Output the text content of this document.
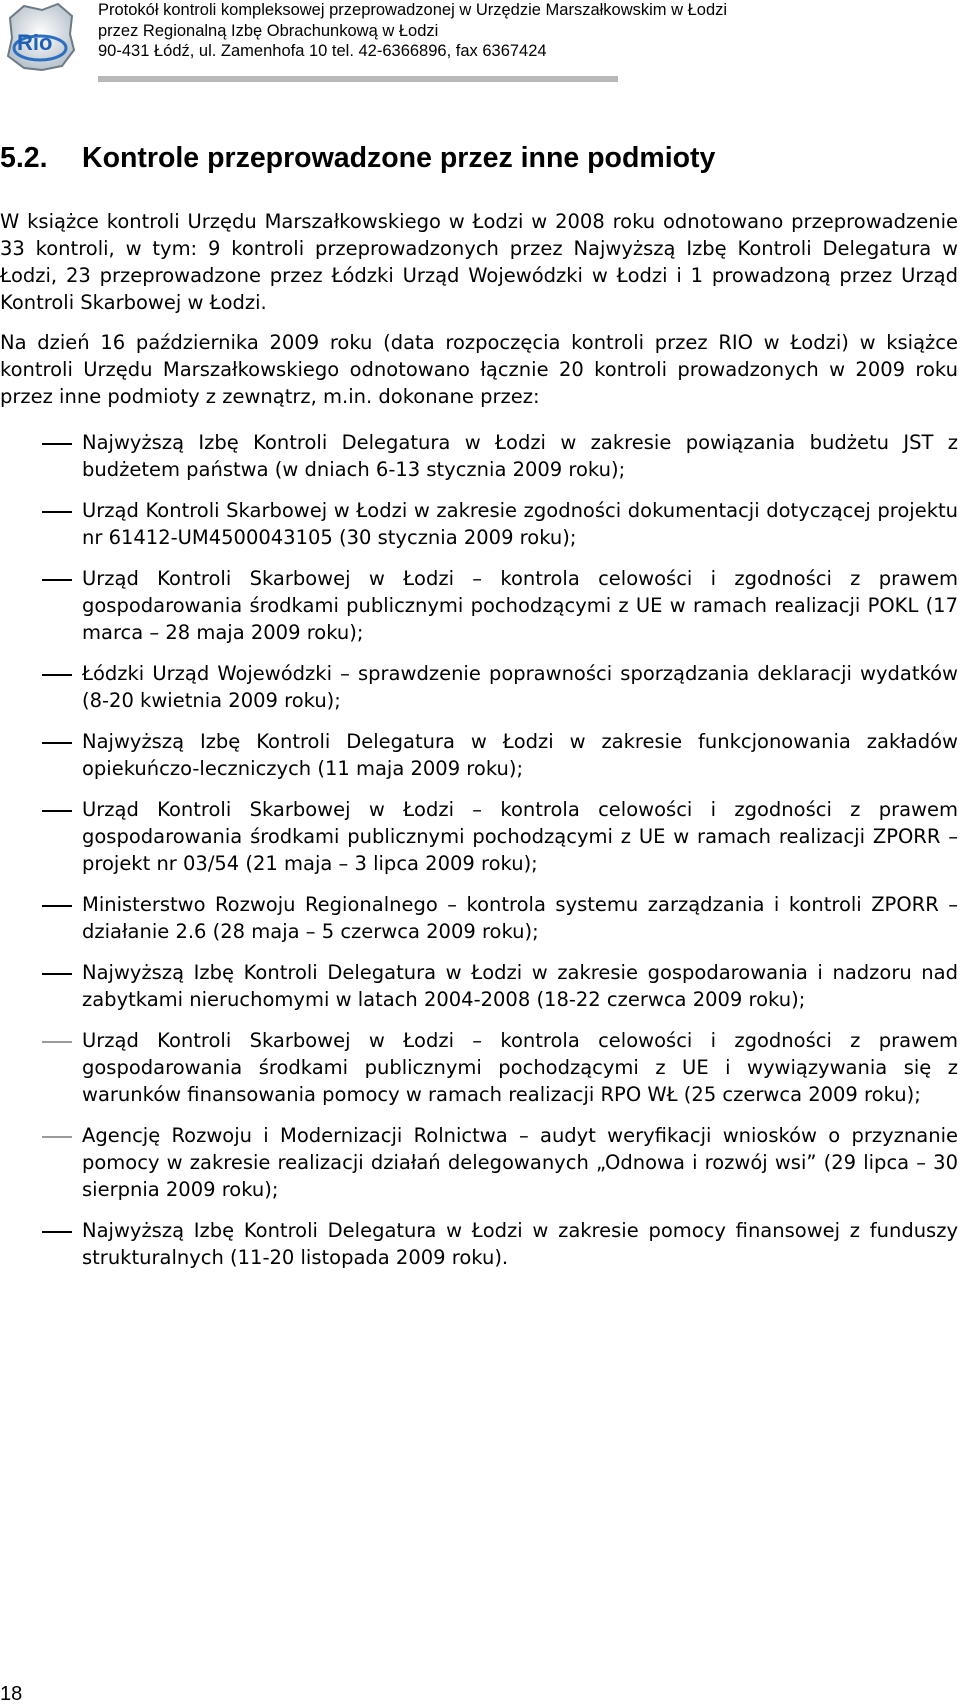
Rio
Protokół kontroli kompleksowej przeprowadzonej w Urzędzie Marszałkowskim w Łodzi
przez Regionalną Izbę Obrachunkową w Łodzi
90-431 Łódź, ul. Zamenhofa 10 tel. 42-6366896, fax 6367424
5.2. Kontrole przeprowadzone przez inne podmioty

W książce kontroli Urzędu Marszałkowskiego w Łodzi w 2008 roku odnotowano przeprowadzenie 33 kontroli, w tym: 9 kontroli przeprowadzonych przez Najwyższą Izbę Kontroli Delegatura w Łodzi, 23 przeprowadzone przez Łódzki Urząd Wojewódzki w Łodzi i 1 prowadzoną przez Urząd Kontroli Skarbowej w Łodzi.

Na dzień 16 października 2009 roku (data rozpoczęcia kontroli przez RIO w Łodzi) w książce kontroli Urzędu Marszałkowskiego odnotowano łącznie 20 kontroli prowadzonych w 2009 roku przez inne podmioty z zewnątrz, m.in. dokonane przez:

Najwyższą Izbę Kontroli Delegatura w Łodzi w zakresie powiązania budżetu JST z budżetem państwa (w dniach 6-13 stycznia 2009 roku);
Urząd Kontroli Skarbowej w Łodzi w zakresie zgodności dokumentacji dotyczącej projektu nr 61412-UM4500043105 (30 stycznia 2009 roku);
Urząd Kontroli Skarbowej w Łodzi – kontrola celowości i zgodności z prawem gospodarowania środkami publicznymi pochodzącymi z UE w ramach realizacji POKL (17 marca – 28 maja 2009 roku);
Łódzki Urząd Wojewódzki – sprawdzenie poprawności sporządzania deklaracji wydatków (8-20 kwietnia 2009 roku);
Najwyższą Izbę Kontroli Delegatura w Łodzi w zakresie funkcjonowania zakładów opiekuńczo-leczniczych (11 maja 2009 roku);
Urząd Kontroli Skarbowej w Łodzi – kontrola celowości i zgodności z prawem gospodarowania środkami publicznymi pochodzącymi z UE w ramach realizacji ZPORR – projekt nr 03/54 (21 maja – 3 lipca 2009 roku);
Ministerstwo Rozwoju Regionalnego – kontrola systemu zarządzania i kontroli ZPORR – działanie 2.6 (28 maja – 5 czerwca 2009 roku);
Najwyższą Izbę Kontroli Delegatura w Łodzi w zakresie gospodarowania i nadzoru nad zabytkami nieruchomymi w latach 2004-2008 (18-22 czerwca 2009 roku);
Urząd Kontroli Skarbowej w Łodzi – kontrola celowości i zgodności z prawem gospodarowania środkami publicznymi pochodzącymi z UE i wywiązywania się z warunków finansowania pomocy w ramach realizacji RPO WŁ (25 czerwca 2009 roku);
Agencję Rozwoju i Modernizacji Rolnictwa – audyt weryfikacji wniosków o przyznanie pomocy w zakresie realizacji działań delegowanych „Odnowa i rozwój wsi” (29 lipca – 30 sierpnia 2009 roku);
Najwyższą Izbę Kontroli Delegatura w Łodzi w zakresie pomocy finansowej z funduszy strukturalnych (11-20 listopada 2009 roku).
18
